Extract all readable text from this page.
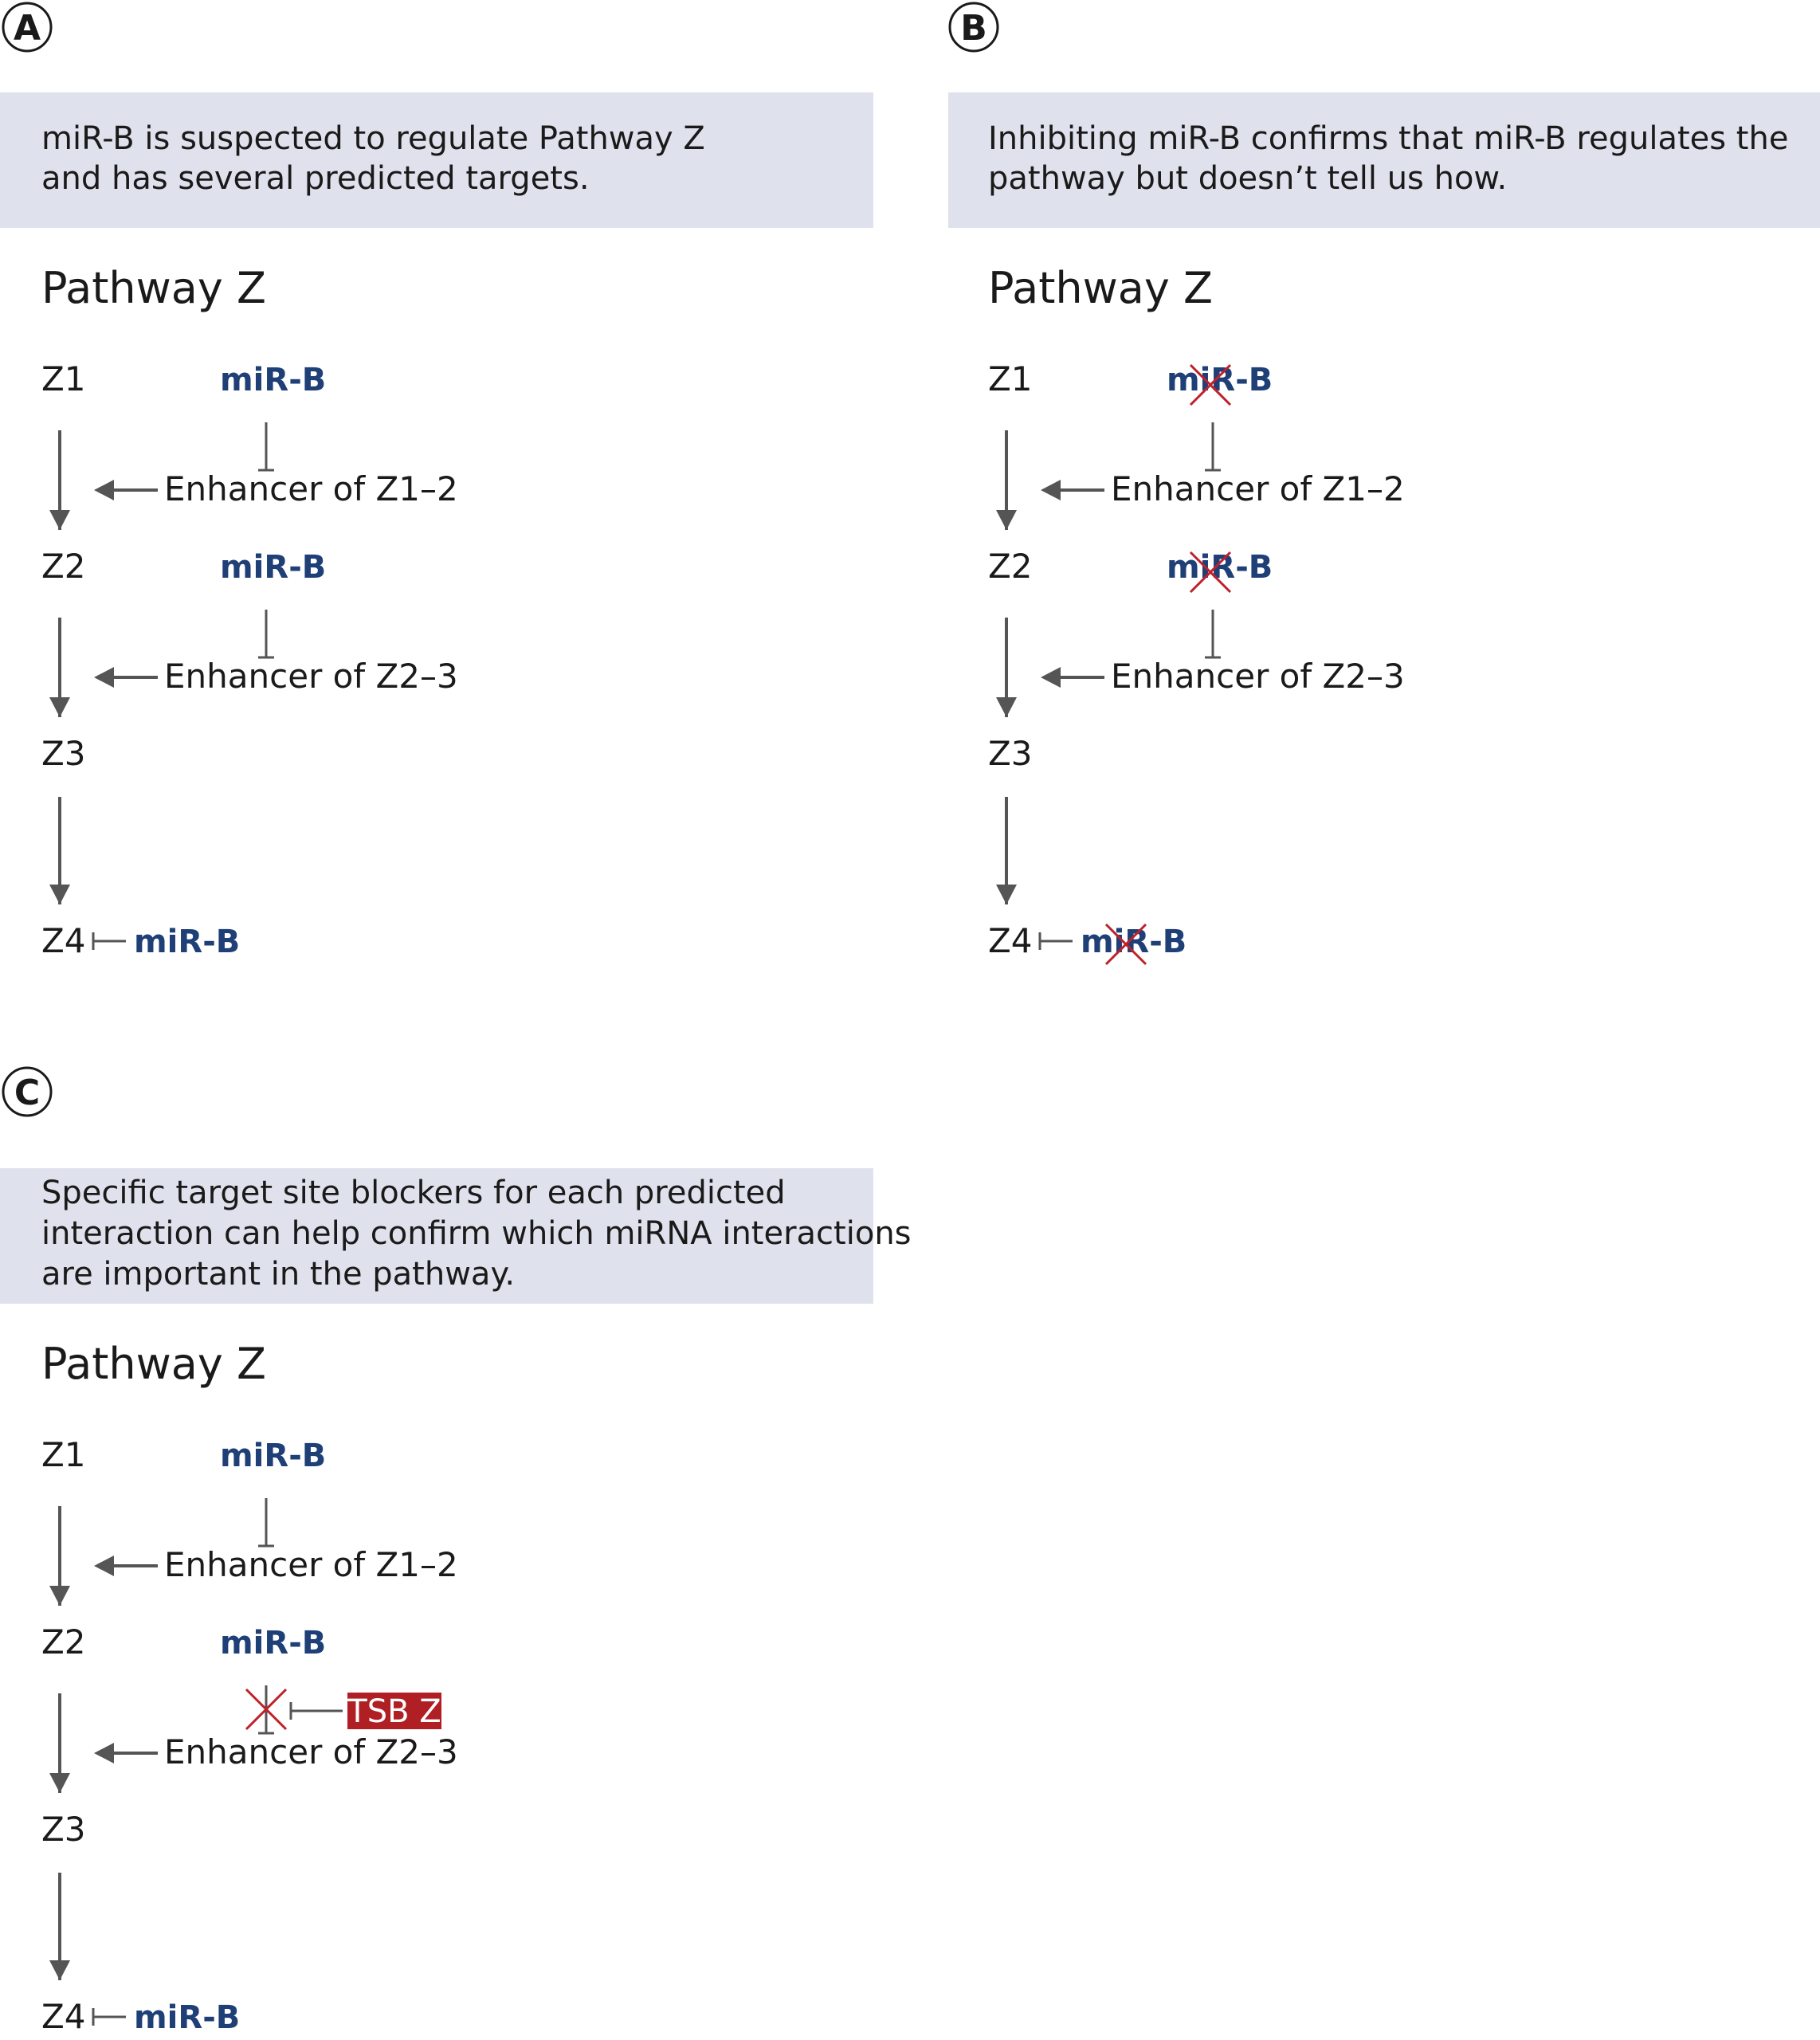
A
miR-B is suspected to regulate Pathway Z
and has several predicted targets.
Pathway Z
Z1	miR-B
Enhancer of Z1–2
Z2	miR-B
Enhancer of Z2–3
Z3
Z4 miR-B
B
Inhibiting miR-B confirms that miR-B regulates the
pathway but doesn’t tell us how.
Pathway Z
Z1	miR-B
Enhancer of Z1–2
Z2	miR-B
Enhancer of Z2–3
Z3
Z4 miR-B
C
Specific target site blockers for each predicted
interaction can help confirm which miRNA interactions
are important in the pathway.
Pathway Z
Z1	miR-B
Enhancer of Z1–2
Z2	miR-B
TSB Z
Enhancer of Z2–3
Z3
Z4 miR-B
